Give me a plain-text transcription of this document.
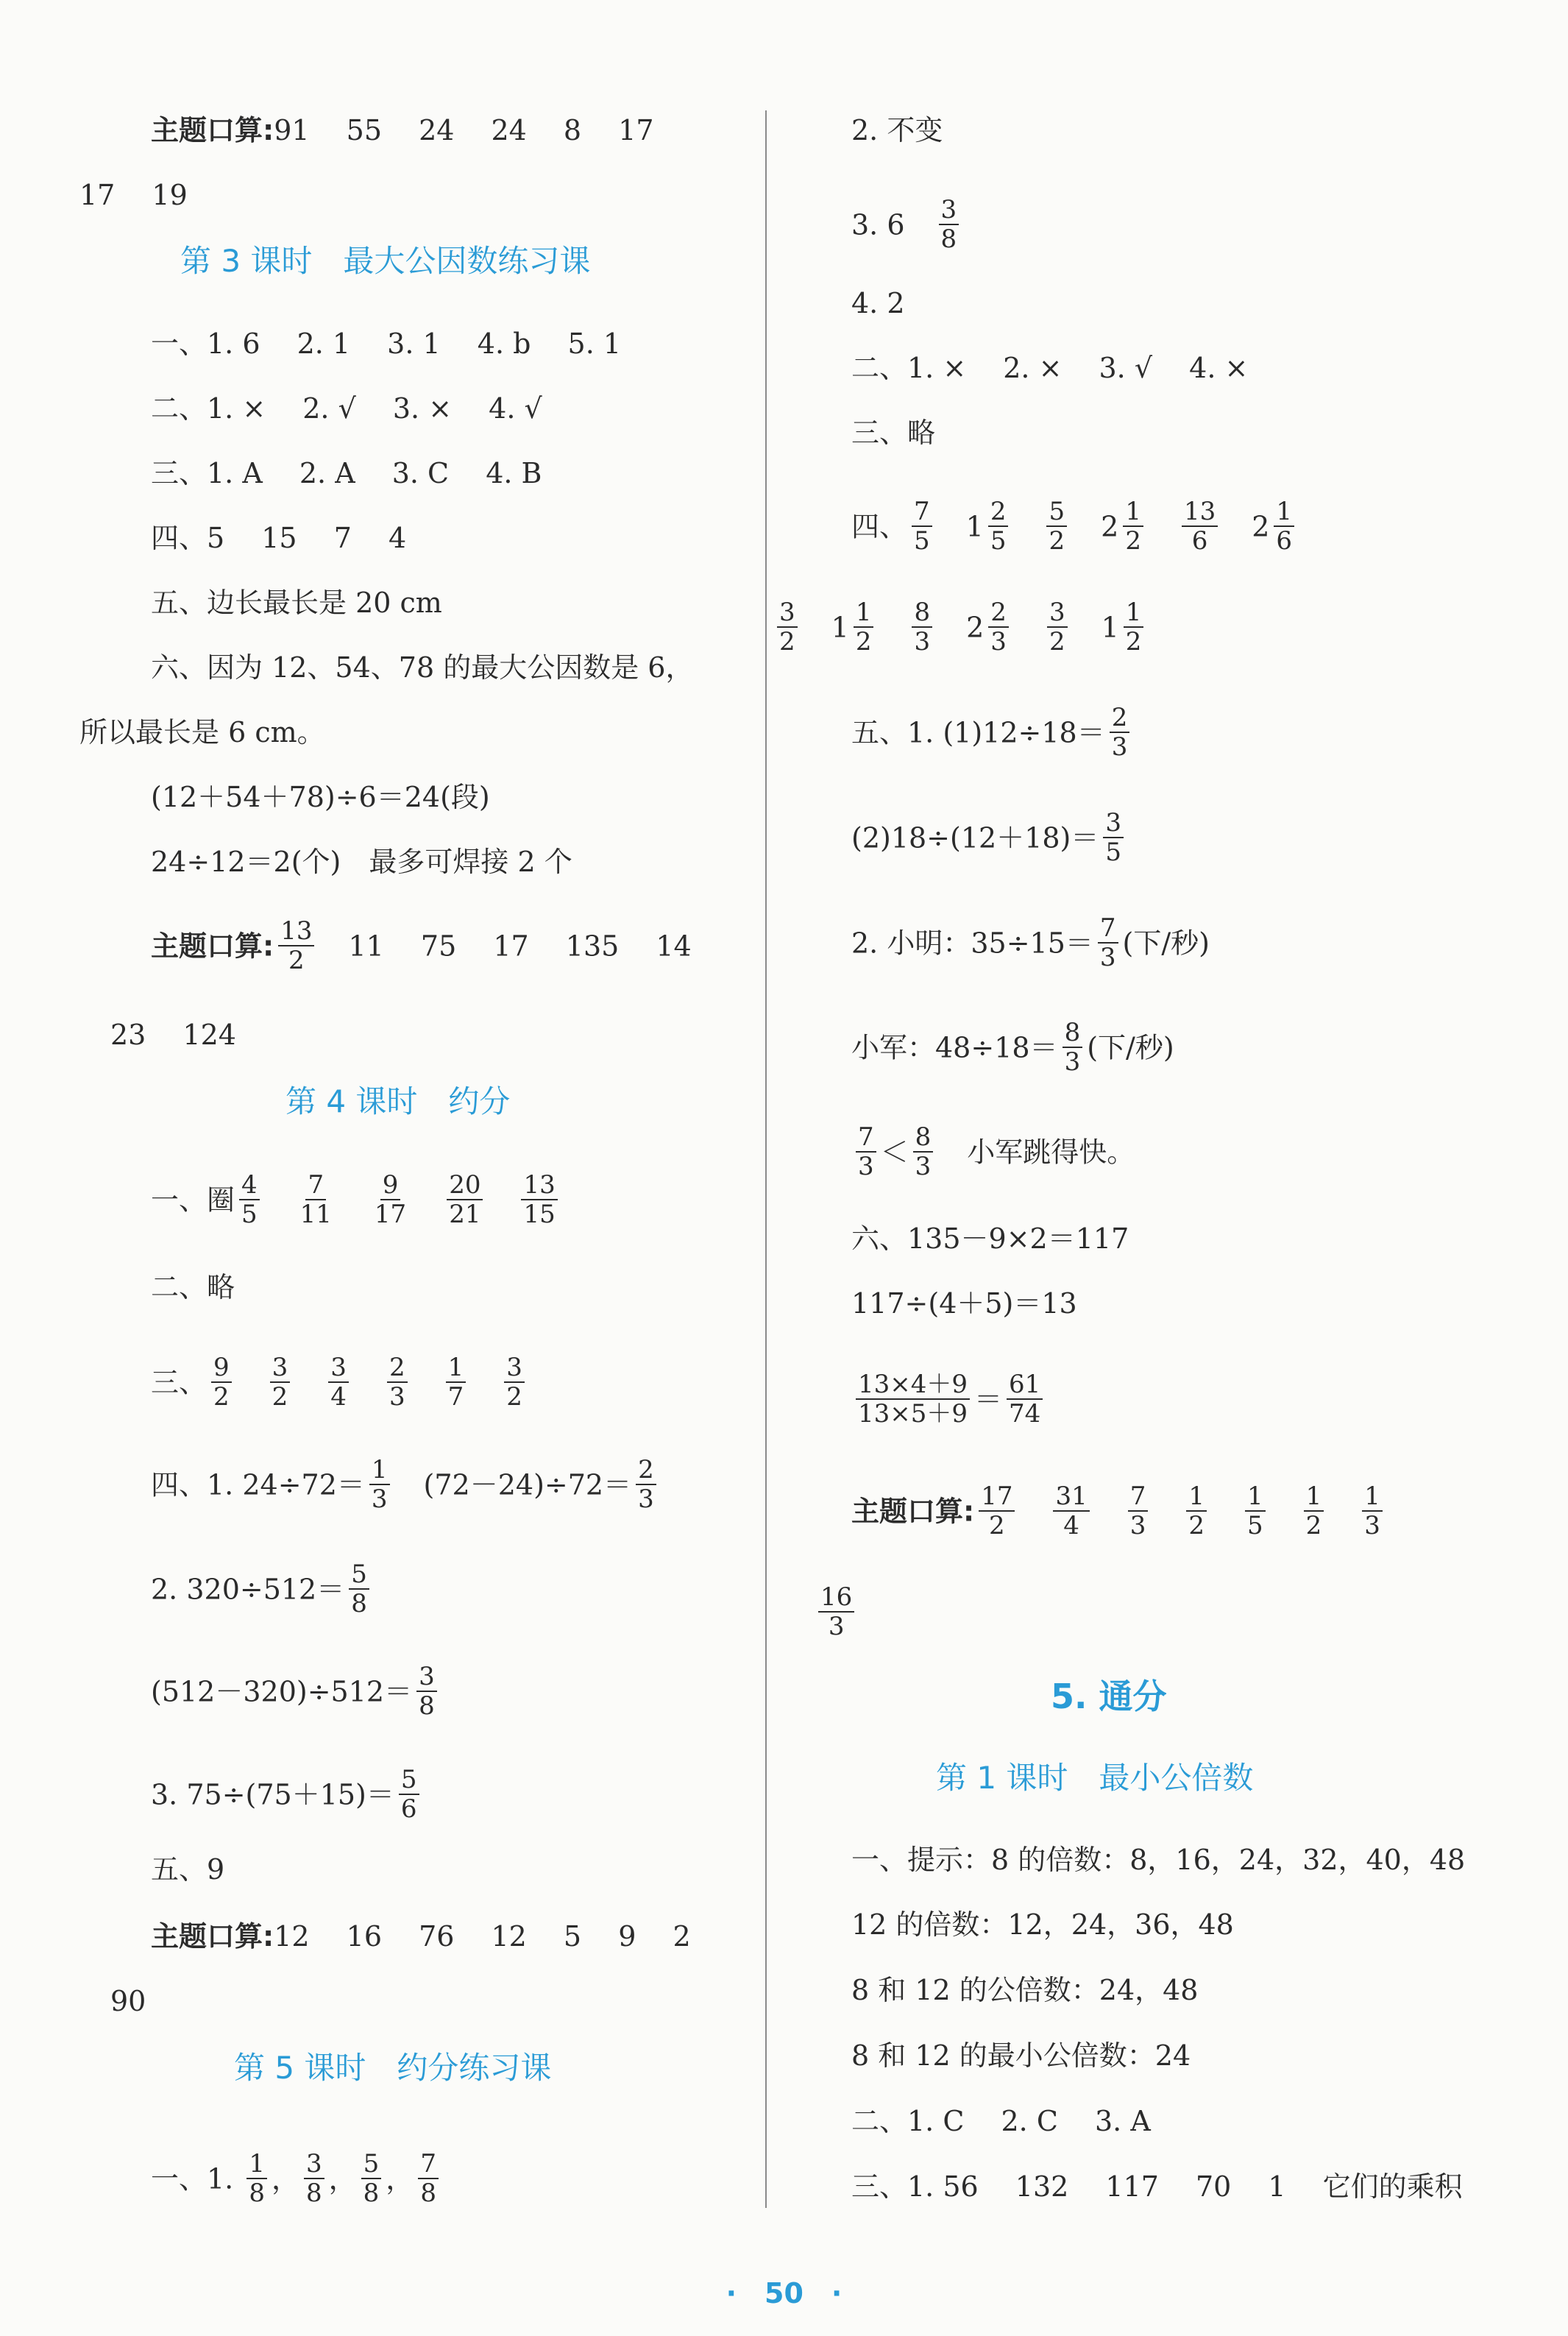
主题口算:91　 55　 24　 24　 8　 17
17　 19
第 3 课时　最大公因数练习课
一、1. 6　 2. 1　 3. 1　 4. b　 5. 1
二、1. ×　 2. √　 3. ×　 4. √
三、1. A　 2. A　 3. C　 4. B
四、5　 15　 7　 4
五、边长最长是 20 cm
六、因为 12、54、78 的最大公因数是 6，
所以最长是 6 cm。
(12＋54＋78)÷6＝24(段)
24÷12＝2(个)　最多可焊接 2 个
主题口算: $\frac{13}{2} 11$　 75　 17　 135　 14
23　 124
第 4 课时　约分
一、圈 $\frac{4}{5} \frac{7}{11} \frac{9}{17} \frac{20}{21} \frac{13}{15}$
二、略
三、 $\frac{9}{2} \frac{3}{2} \frac{3}{4} \frac{2}{3} \frac{1}{7} \frac{3}{2}$
四、1. $24\div 72= \frac{1}{3} (72-24)\div 72= \frac{2}{3}$
2. $320\div 512= \frac{5}{8}$
$(512-320)\div 512= \frac{3}{8}$
3. $75\div(75+15)= \frac{5}{6}$
五、9
主题口算:12　 16　 76　 12　 5　 9　 2
90
第 5 课时　约分练习课
一、1. $\frac{1}{8}$ ， $\frac{3}{8}$ ， $\frac{5}{8}$ ， $\frac{7}{8}$
2. 不变
3. $6 \frac{3}{8}$
4. 2
二、1. ×　 2. ×　 3. √　 4. ×
三、略
四、 $\frac{7}{5} 1 \frac{2}{5} \frac{5}{2} 2 \frac{1}{2} \frac{13}{6} 2 \frac{1}{6}$
$\frac{3}{2} 1 \frac{1}{2} \frac{8}{3} 2 \frac{2}{3} \frac{3}{2} 1 \frac{1}{2}$
五、1. $(1)12\div 18= \frac{2}{3}$
$(2)18\div(12+18)= \frac{3}{5}$
2. 小明：$35\div 15= \frac{7}{3}$ (下/秒)
小军：$48\div 18= \frac{8}{3}$ (下/秒)
$\frac{7}{3} < \frac{8}{3}$ 小军跳得快。
六、135－9×2＝117
117÷(4＋5)＝13
$\frac{13\times 4+9}{13\times 5+9} = \frac{61}{74}$
主题口算: $\frac{17}{2} \frac{31}{4} \frac{7}{3} \frac{1}{2} \frac{1}{5} \frac{1}{2} \frac{1}{3}$
$\frac{16}{3}$
5. 通分
第 1 课时　最小公倍数
一、提示：8 的倍数：8，16，24，32，40，48
12 的倍数：12，24，36，48
8 和 12 的公倍数：24，48
8 和 12 的最小公倍数：24
二、1. C　 2. C　 3. A
三、1. 56　 132　 117　 70　 1　 它们的乘积
·　50　·
